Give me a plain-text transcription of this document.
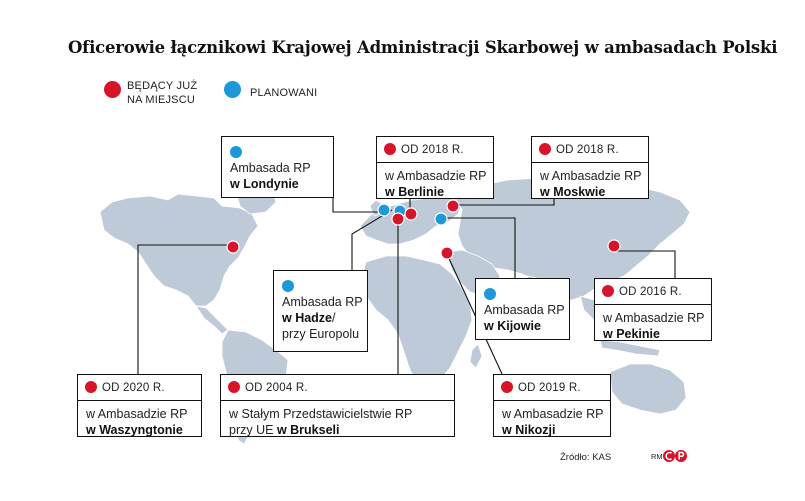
Oficerowie łącznikowi Krajowej Administracji Skarbowej w ambasadach Polski
BĘDĄCY JUŻ
NA MIEJSCU
PLANOWANI
Ambasada RP
w Londynie
OD 2018 R.
w Ambasadzie RP
w Berlinie
OD 2018 R.
w Ambasadzie RP
w Moskwie
Ambasada RP
w Hadze/
przy Europolu
Ambasada RP
w Kijowie
OD 2016 R.
w Ambasadzie RP
w Pekinie
OD 2020 R.
w Ambasadzie RP
w Waszyngtonie
OD 2004 R.
w Stałym Przedstawicielstwie RP
przy UE w Brukseli
OD 2019 R.
w Ambasadzie RP
w Nikozji
Źródło: KAS	RM
